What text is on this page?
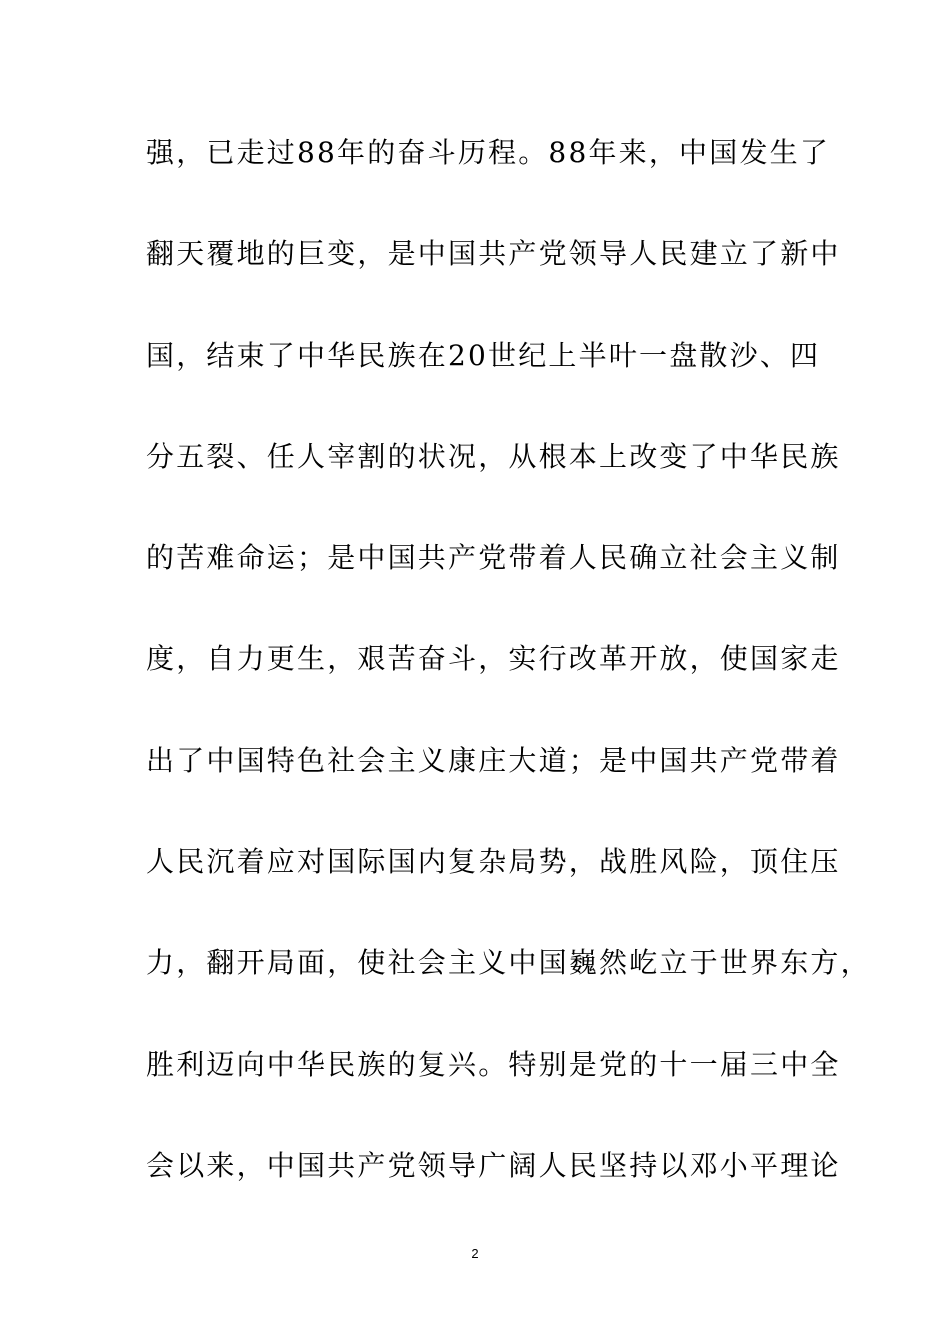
强，已走过88年的奋斗历程。88年来，中国发生了
翻天覆地的巨变，是中国共产党领导人民建立了新中
国，结束了中华民族在20世纪上半叶一盘散沙、四
分五裂、任人宰割的状况，从根本上改变了中华民族
的苦难命运；是中国共产党带着人民确立社会主义制
度，自力更生，艰苦奋斗，实行改革开放，使国家走
出了中国特色社会主义康庄大道；是中国共产党带着
人民沉着应对国际国内复杂局势，战胜风险，顶住压
力，翻开局面，使社会主义中国巍然屹立于世界东方，
胜利迈向中华民族的复兴。特别是党的十一届三中全
会以来，中国共产党领导广阔人民坚持以邓小平理论
2
